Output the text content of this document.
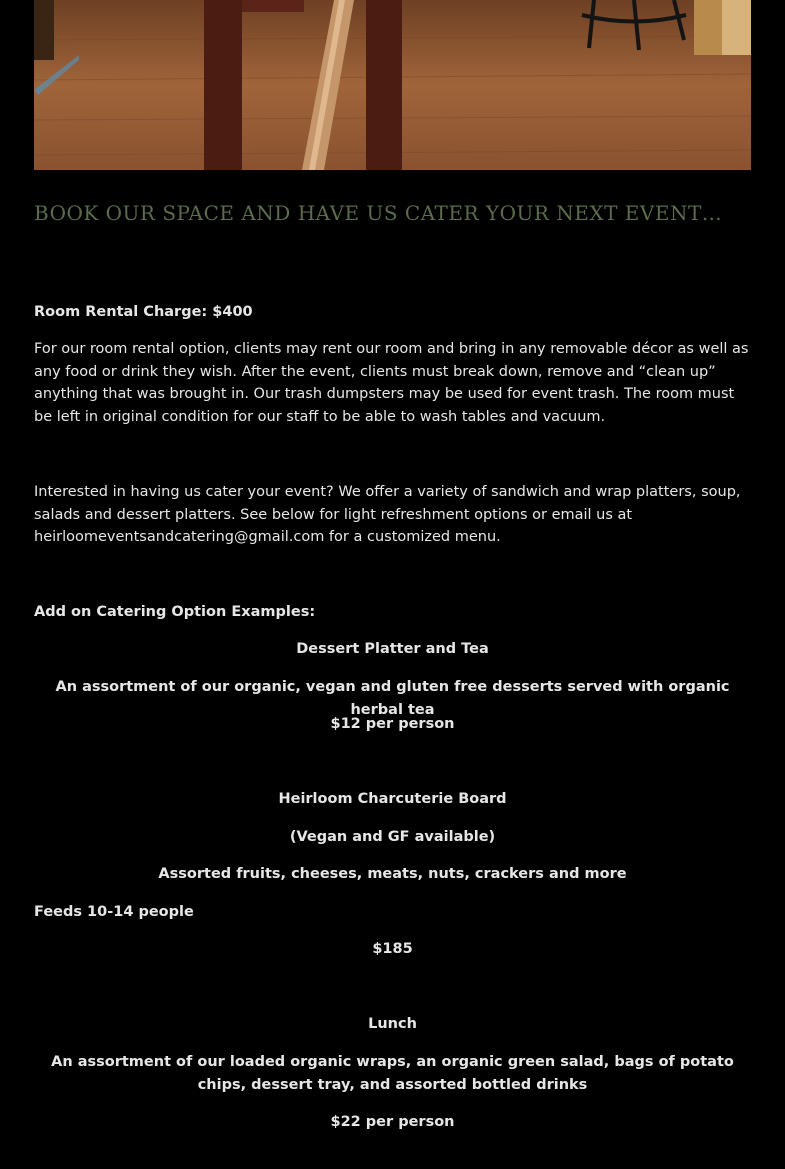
BOOK OUR SPACE AND HAVE US CATER YOUR NEXT EVENT…

Room Rental Charge: $400

For our room rental option, clients may rent our room and bring in any removable décor as well as any food or drink they wish. After the event, clients must break down, remove and “clean up” anything that was brought in. Our trash dumpsters may be used for event trash. The room must be left in original condition for our staff to be able to wash tables and vacuum.

Interested in having us cater your event? We offer a variety of sandwich and wrap platters, soup, salads and dessert platters. See below for light refreshment options or email us at heirloomeventsandcatering@gmail.com for a customized menu.

Add on Catering Option Examples:

Dessert Platter and Tea

An assortment of our organic, vegan and gluten free desserts served with organic herbal tea

$12 per person

Heirloom Charcuterie Board

(Vegan and GF available)

Assorted fruits, cheeses, meats, nuts, crackers and more

Feeds 10-14 people

$185

Lunch

An assortment of our loaded organic wraps, an organic green salad, bags of potato chips, dessert tray, and assorted bottled drinks

$22 per person
